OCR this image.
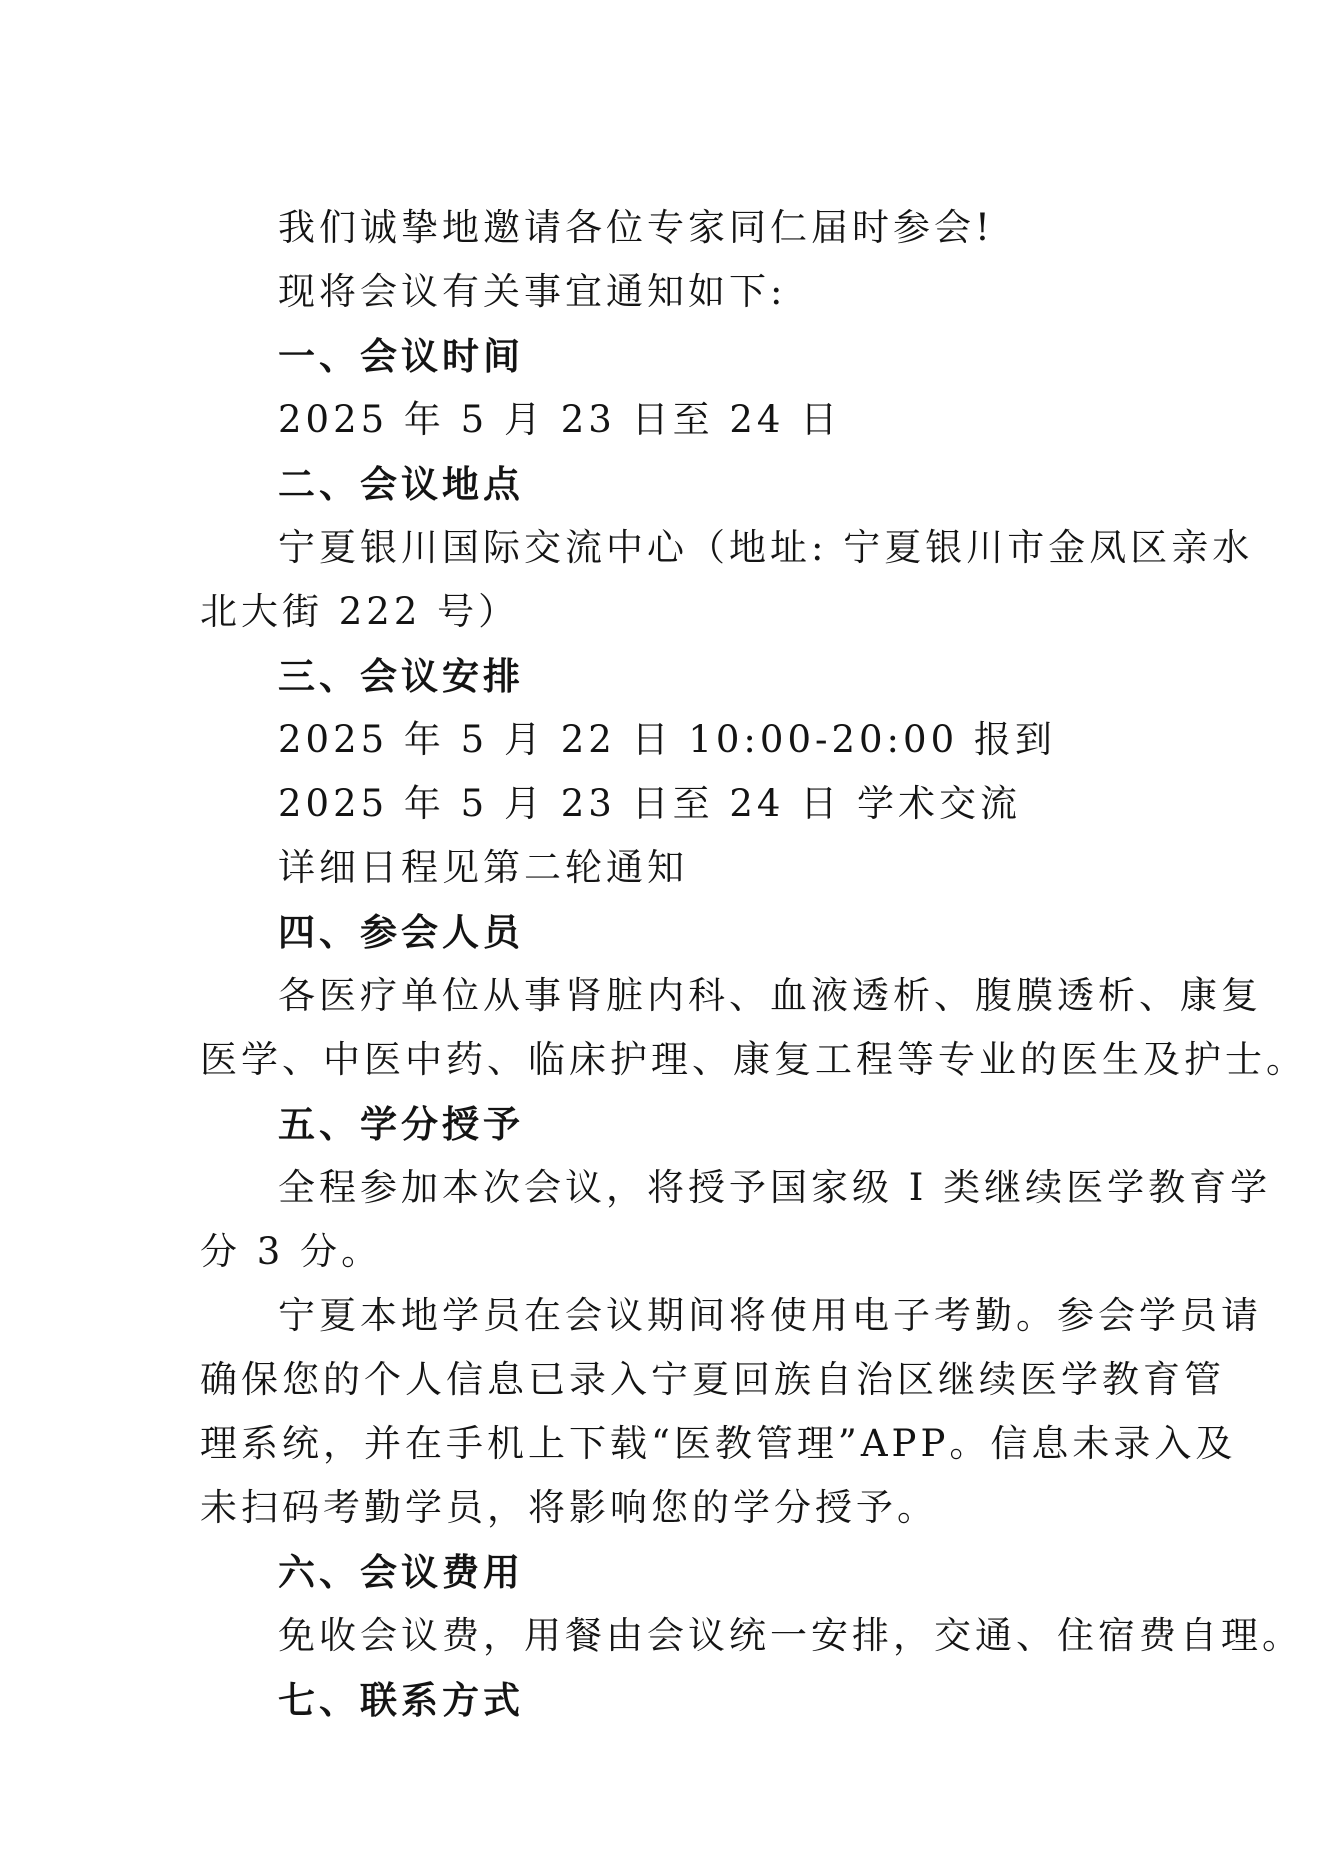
我们诚挚地邀请各位专家同仁届时参会!
现将会议有关事宜通知如下:
一、会议时间
2025 年 5 月 23 日至 24 日
二、会议地点
宁夏银川国际交流中心（地址: 宁夏银川市金凤区亲水
北大街 222 号）
三、会议安排
2025 年 5 月 22 日 10:00-20:00 报到
2025 年 5 月 23 日至 24 日 学术交流
详细日程见第二轮通知
四、参会人员
各医疗单位从事肾脏内科、血液透析、腹膜透析、康复
医学、中医中药、临床护理、康复工程等专业的医生及护士。
五、学分授予
全程参加本次会议，将授予国家级 I 类继续医学教育学
分 3 分。
宁夏本地学员在会议期间将使用电子考勤。参会学员请
确保您的个人信息已录入宁夏回族自治区继续医学教育管
理系统，并在手机上下载“医教管理”APP。信息未录入及
未扫码考勤学员，将影响您的学分授予。
六、会议费用
免收会议费，用餐由会议统一安排，交通、住宿费自理。
七、联系方式
